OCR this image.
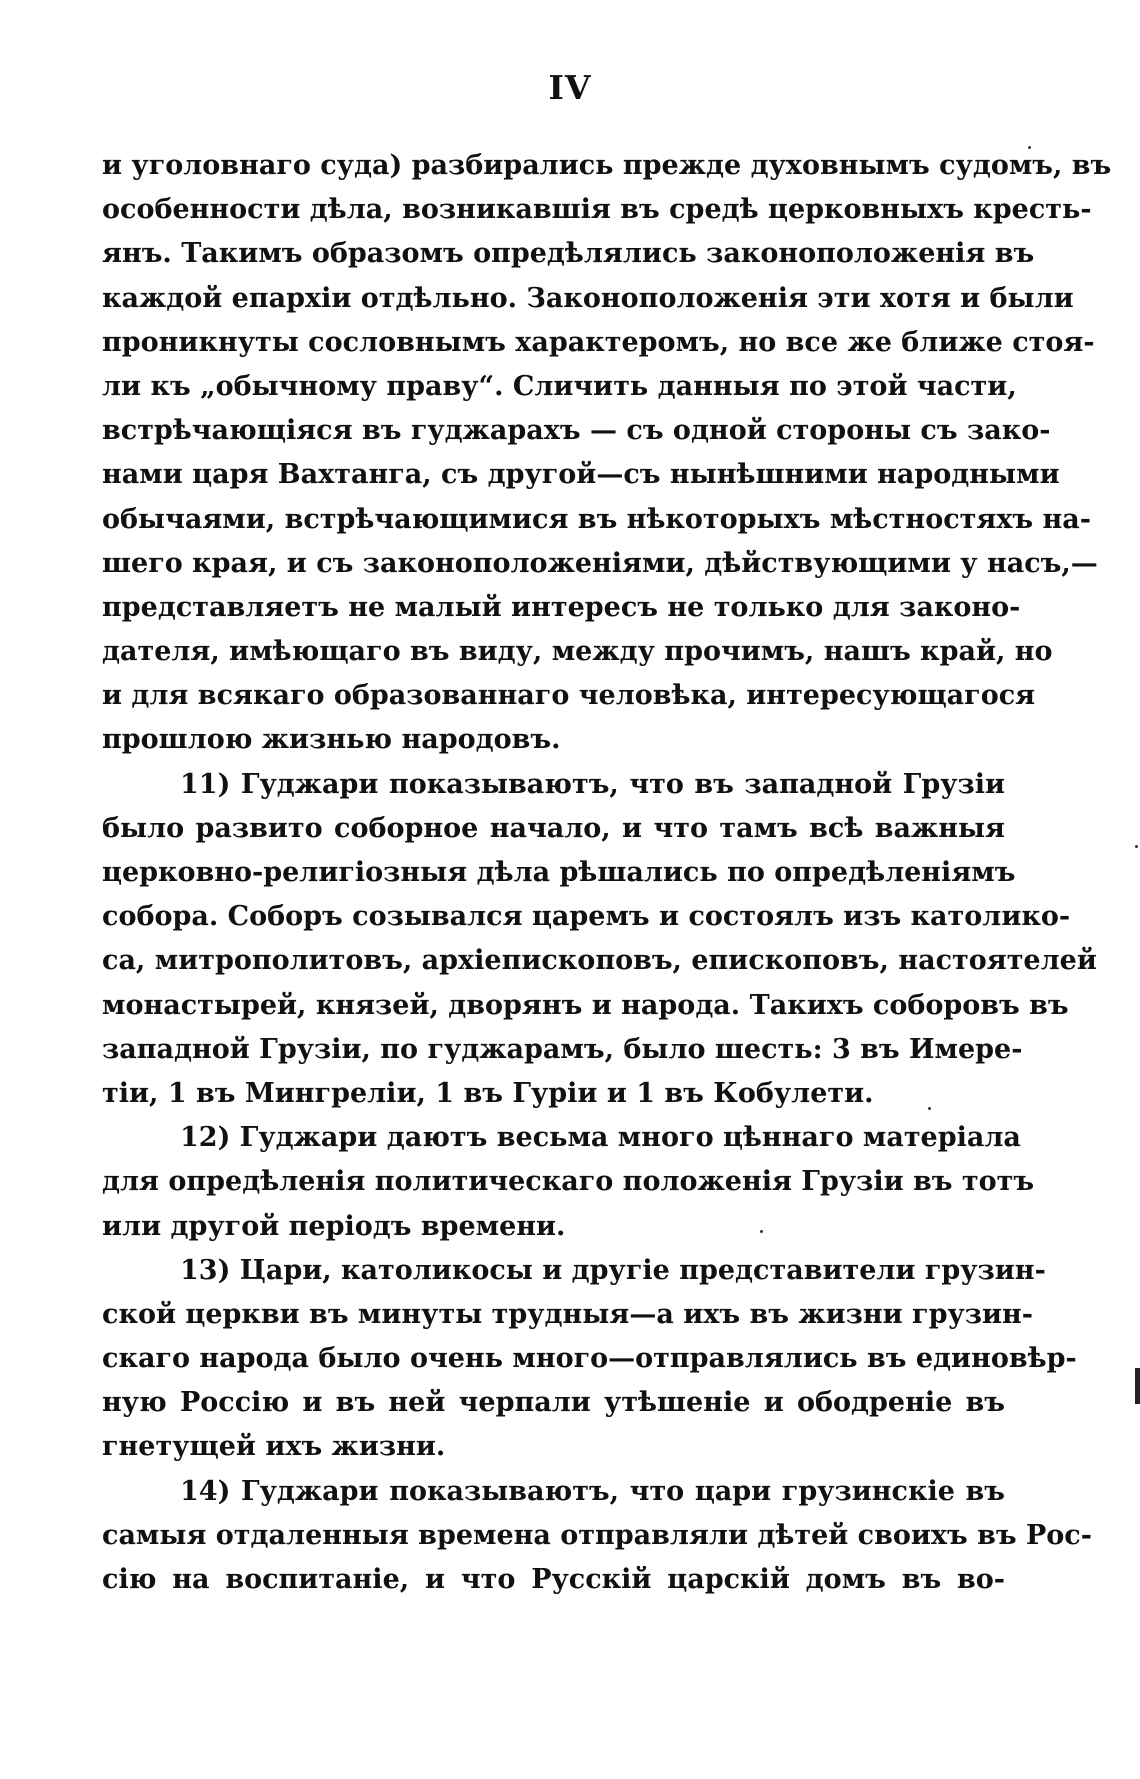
IV
и уголовнаго суда) разбирались прежде духовнымъ судомъ, въ
особенности дѣла, возникавшія въ средѣ церковныхъ кресть-
янъ. Такимъ образомъ опредѣлялись законоположенія въ
каждой епархіи отдѣльно. Законоположенія эти хотя и были
проникнуты сословнымъ характеромъ, но все же ближе стоя-
ли къ „обычному праву“. Сличить данныя по этой части,
встрѣчающіяся въ гуджарахъ — съ одной стороны съ зако-
нами царя Вахтанга, съ другой—съ нынѣшними народными
обычаями, встрѣчающимися въ нѣкоторыхъ мѣстностяхъ на-
шего края, и съ законоположеніями, дѣйствующими у насъ,—
представляетъ не малый интересъ не только для законо-
дателя, имѣющаго въ виду, между прочимъ, нашъ край, но
и для всякаго образованнаго человѣка, интересующагося
прошлою жизнью народовъ.
11) Гуджари показываютъ, что въ западной Грузіи
было развито соборное начало, и что тамъ всѣ важныя
церковно-религіозныя дѣла рѣшались по опредѣленіямъ
собора. Соборъ созывался царемъ и состоялъ изъ католико-
са, митрополитовъ, архіепископовъ, епископовъ, настоятелей
монастырей, князей, дворянъ и народа. Такихъ соборовъ въ
западной Грузіи, по гуджарамъ, было шесть: 3 въ Имере-
тіи, 1 въ Мингреліи, 1 въ Гуріи и 1 въ Кобулети.
12) Гуджари даютъ весьма много цѣннаго матеріала
для опредѣленія политическаго положенія Грузіи въ тотъ
или другой періодъ времени.
13) Цари, католикосы и другіе представители грузин-
ской церкви въ минуты трудныя—а ихъ въ жизни грузин-
скаго народа было очень много—отправлялись въ единовѣр-
ную Россію и въ ней черпали утѣшеніе и ободреніе въ
гнетущей ихъ жизни.
14) Гуджари показываютъ, что цари грузинскіе въ
самыя отдаленныя времена отправляли дѣтей своихъ въ Рос-
сію на воспитаніе, и что Русскій царскій домъ въ во-
